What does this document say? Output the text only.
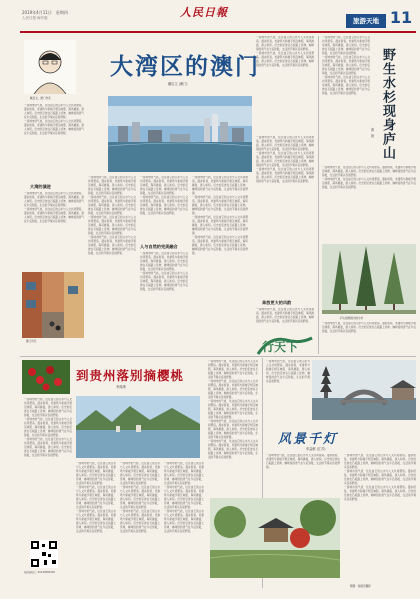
2019年4月11日　星期四
人民日报·海外版	人民日報
旅游天地 11
戴启文，澳门作家
大湾区的澳门
戴启文 (澳门)

一座城市的气质，往往由它的山水与人文共同塑造。漫步街巷，老建筑与新楼宇相互映照，海风拂面，游人如织。历史的足迹在石板路上延伸，咖啡馆的香气在午后弥散，生活的节奏从容而舒展。

一座城市的气质，往往由它的山水与人文共同塑造。漫步街巷，老建筑与新楼宇相互映照，海风拂面，游人如织。历史的足迹在石板路上延伸，咖啡馆的香气在午后弥散，生活的节奏从容而舒展。

大湾的演进

一座城市的气质，往往由它的山水与人文共同塑造。漫步街巷，老建筑与新楼宇相互映照，海风拂面，游人如织。历史的足迹在石板路上延伸，咖啡馆的香气在午后弥散，生活的节奏从容而舒展。

一座城市的气质，往往由它的山水与人文共同塑造。漫步街巷，老建筑与新楼宇相互映照，海风拂面，游人如织。历史的足迹在石板路上延伸，咖啡馆的香气在午后弥散，生活的节奏从容而舒展。

澳门风光

一座城市的气质，往往由它的山水与人文共同塑造。漫步街巷，老建筑与新楼宇相互映照，海风拂面，游人如织。历史的足迹在石板路上延伸，咖啡馆的香气在午后弥散，生活的节奏从容而舒展。

一座城市的气质，往往由它的山水与人文共同塑造。漫步街巷，老建筑与新楼宇相互映照，海风拂面，游人如织。历史的足迹在石板路上延伸，咖啡馆的香气在午后弥散，生活的节奏从容而舒展。

一座城市的气质，往往由它的山水与人文共同塑造。漫步街巷，老建筑与新楼宇相互映照，海风拂面，游人如织。历史的足迹在石板路上延伸，咖啡馆的香气在午后弥散，生活的节奏从容而舒展。

一座城市的气质，往往由它的山水与人文共同塑造。漫步街巷，老建筑与新楼宇相互映照，海风拂面，游人如织。历史的足迹在石板路上延伸，咖啡馆的香气在午后弥散，生活的节奏从容而舒展。

一座城市的气质，往往由它的山水与人文共同塑造。漫步街巷，老建筑与新楼宇相互映照，海风拂面，游人如织。历史的足迹在石板路上延伸，咖啡馆的香气在午后弥散，生活的节奏从容而舒展。

一座城市的气质，往往由它的山水与人文共同塑造。漫步街巷，老建筑与新楼宇相互映照，海风拂面，游人如织。历史的足迹在石板路上延伸，咖啡馆的香气在午后弥散，生活的节奏从容而舒展。

人与自然的完美融合

一座城市的气质，往往由它的山水与人文共同塑造。漫步街巷，老建筑与新楼宇相互映照，海风拂面，游人如织。历史的足迹在石板路上延伸，咖啡馆的香气在午后弥散，生活的节奏从容而舒展。

一座城市的气质，往往由它的山水与人文共同塑造。漫步街巷，老建筑与新楼宇相互映照，海风拂面，游人如织。历史的足迹在石板路上延伸，咖啡馆的香气在午后弥散，生活的节奏从容而舒展。

一座城市的气质，往往由它的山水与人文共同塑造。漫步街巷，老建筑与新楼宇相互映照，海风拂面，游人如织。历史的足迹在石板路上延伸，咖啡馆的香气在午后弥散，生活的节奏从容而舒展。

一座城市的气质，往往由它的山水与人文共同塑造。漫步街巷，老建筑与新楼宇相互映照，海风拂面，游人如织。历史的足迹在石板路上延伸，咖啡馆的香气在午后弥散，生活的节奏从容而舒展。

一座城市的气质，往往由它的山水与人文共同塑造。漫步街巷，老建筑与新楼宇相互映照，海风拂面，游人如织。历史的足迹在石板路上延伸，咖啡馆的香气在午后弥散，生活的节奏从容而舒展。

一座城市的气质，往往由它的山水与人文共同塑造。漫步街巷，老建筑与新楼宇相互映照，海风拂面，游人如织。历史的足迹在石板路上延伸，咖啡馆的香气在午后弥散，生活的节奏从容而舒展。

一座城市的气质，往往由它的山水与人文共同塑造。漫步街巷，老建筑与新楼宇相互映照，海风拂面，游人如织。历史的足迹在石板路上延伸，咖啡馆的香气在午后弥散，生活的节奏从容而舒展。

一座城市的气质，往往由它的山水与人文共同塑造。漫步街巷，老建筑与新楼宇相互映照，海风拂面，游人如织。历史的足迹在石板路上延伸，咖啡馆的香气在午后弥散，生活的节奏从容而舒展。

一座城市的气质，往往由它的山水与人文共同塑造。漫步街巷，老建筑与新楼宇相互映照，海风拂面，游人如织。历史的足迹在石板路上延伸，咖啡馆的香气在午后弥散，生活的节奏从容而舒展。

一座城市的气质，往往由它的山水与人文共同塑造。漫步街巷，老建筑与新楼宇相互映照，海风拂面，游人如织。历史的足迹在石板路上延伸，咖啡馆的香气在午后弥散，生活的节奏从容而舒展。

一座城市的气质，往往由它的山水与人文共同塑造。漫步街巷，老建筑与新楼宇相互映照，海风拂面，游人如织。历史的足迹在石板路上延伸，咖啡馆的香气在午后弥散，生活的节奏从容而舒展。

奔放更大的风韵

一座城市的气质，往往由它的山水与人文共同塑造。漫步街巷，老建筑与新楼宇相互映照，海风拂面，游人如织。历史的足迹在石板路上延伸，咖啡馆的香气在午后弥散，生活的节奏从容而舒展。

行天下

一座城市的气质，往往由它的山水与人文共同塑造。漫步街巷，老建筑与新楼宇相互映照，海风拂面，游人如织。历史的足迹在石板路上延伸，咖啡馆的香气在午后弥散，生活的节奏从容而舒展。

一座城市的气质，往往由它的山水与人文共同塑造。漫步街巷，老建筑与新楼宇相互映照，海风拂面，游人如织。历史的足迹在石板路上延伸，咖啡馆的香气在午后弥散，生活的节奏从容而舒展。

一座城市的气质，往往由它的山水与人文共同塑造。漫步街巷，老建筑与新楼宇相互映照，海风拂面，游人如织。历史的足迹在石板路上延伸，咖啡馆的香气在午后弥散，生活的节奏从容而舒展。	野生水杉现身庐山
薄　琼

一座城市的气质，往往由它的山水与人文共同塑造。漫步街巷，老建筑与新楼宇相互映照，海风拂面，游人如织。历史的足迹在石板路上延伸，咖啡馆的香气在午后弥散，生活的节奏从容而舒展。

一座城市的气质，往往由它的山水与人文共同塑造。漫步街巷，老建筑与新楼宇相互映照，海风拂面，游人如织。历史的足迹在石板路上延伸，咖啡馆的香气在午后弥散，生活的节奏从容而舒展。

庐山植物园内的水杉

一座城市的气质，往往由它的山水与人文共同塑造。漫步街巷，老建筑与新楼宇相互映照，海风拂面，游人如织。历史的足迹在石板路上延伸，咖啡馆的香气在午后弥散，生活的节奏从容而舒展。

到贵州落别摘樱桃
李鸿渊

一座城市的气质，往往由它的山水与人文共同塑造。漫步街巷，老建筑与新楼宇相互映照，海风拂面，游人如织。历史的足迹在石板路上延伸，咖啡馆的香气在午后弥散，生活的节奏从容而舒展。

一座城市的气质，往往由它的山水与人文共同塑造。漫步街巷，老建筑与新楼宇相互映照，海风拂面，游人如织。历史的足迹在石板路上延伸，咖啡馆的香气在午后弥散，生活的节奏从容而舒展。

一座城市的气质，往往由它的山水与人文共同塑造。漫步街巷，老建筑与新楼宇相互映照，海风拂面，游人如织。历史的足迹在石板路上延伸，咖啡馆的香气在午后弥散，生活的节奏从容而舒展。

一座城市的气质，往往由它的山水与人文共同塑造。漫步街巷，老建筑与新楼宇相互映照，海风拂面，游人如织。历史的足迹在石板路上延伸，咖啡馆的香气在午后弥散，生活的节奏从容而舒展。

一座城市的气质，往往由它的山水与人文共同塑造。漫步街巷，老建筑与新楼宇相互映照，海风拂面，游人如织。历史的足迹在石板路上延伸，咖啡馆的香气在午后弥散，生活的节奏从容而舒展。

一座城市的气质，往往由它的山水与人文共同塑造。漫步街巷，老建筑与新楼宇相互映照，海风拂面，游人如织。历史的足迹在石板路上延伸，咖啡馆的香气在午后弥散，生活的节奏从容而舒展。

一座城市的气质，往往由它的山水与人文共同塑造。漫步街巷，老建筑与新楼宇相互映照，海风拂面，游人如织。历史的足迹在石板路上延伸，咖啡馆的香气在午后弥散，生活的节奏从容而舒展。

一座城市的气质，往往由它的山水与人文共同塑造。漫步街巷，老建筑与新楼宇相互映照，海风拂面，游人如织。历史的足迹在石板路上延伸，咖啡馆的香气在午后弥散，生活的节奏从容而舒展。

一座城市的气质，往往由它的山水与人文共同塑造。漫步街巷，老建筑与新楼宇相互映照，海风拂面，游人如织。历史的足迹在石板路上延伸，咖啡馆的香气在午后弥散，生活的节奏从容而舒展。

一座城市的气质，往往由它的山水与人文共同塑造。漫步街巷，老建筑与新楼宇相互映照，海风拂面，游人如织。历史的足迹在石板路上延伸，咖啡馆的香气在午后弥散，生活的节奏从容而舒展。

一座城市的气质，往往由它的山水与人文共同塑造。漫步街巷，老建筑与新楼宇相互映照，海风拂面，游人如织。历史的足迹在石板路上延伸，咖啡馆的香气在午后弥散，生活的节奏从容而舒展。

一座城市的气质，往往由它的山水与人文共同塑造。漫步街巷，老建筑与新楼宇相互映照，海风拂面，游人如织。历史的足迹在石板路上延伸，咖啡馆的香气在午后弥散，生活的节奏从容而舒展。

一座城市的气质，往往由它的山水与人文共同塑造。漫步街巷，老建筑与新楼宇相互映照，海风拂面，游人如织。历史的足迹在石板路上延伸，咖啡馆的香气在午后弥散，生活的节奏从容而舒展。

一座城市的气质，往往由它的山水与人文共同塑造。漫步街巷，老建筑与新楼宇相互映照，海风拂面，游人如织。历史的足迹在石板路上延伸，咖啡馆的香气在午后弥散，生活的节奏从容而舒展。

一座城市的气质，往往由它的山水与人文共同塑造。漫步街巷，老建筑与新楼宇相互映照，海风拂面，游人如织。历史的足迹在石板路上延伸，咖啡馆的香气在午后弥散，生活的节奏从容而舒展。

一座城市的气质，往往由它的山水与人文共同塑造。漫步街巷，老建筑与新楼宇相互映照，海风拂面，游人如织。历史的足迹在石板路上延伸，咖啡馆的香气在午后弥散，生活的节奏从容而舒展。

一座城市的气质，往往由它的山水与人文共同塑造。漫步街巷，老建筑与新楼宇相互映照，海风拂面，游人如织。历史的足迹在石板路上延伸，咖啡馆的香气在午后弥散，生活的节奏从容而舒展。

编辑部电话：010-65363318

一座城市的气质，往往由它的山水与人文共同塑造。漫步街巷，老建筑与新楼宇相互映照，海风拂面，游人如织。历史的足迹在石板路上延伸，咖啡馆的香气在午后弥散，生活的节奏从容而舒展。

风景千灯
申益献 (江苏)

一座城市的气质，往往由它的山水与人文共同塑造。漫步街巷，老建筑与新楼宇相互映照，海风拂面，游人如织。历史的足迹在石板路上延伸，咖啡馆的香气在午后弥散，生活的节奏从容而舒展。

一座城市的气质，往往由它的山水与人文共同塑造。漫步街巷，老建筑与新楼宇相互映照，海风拂面，游人如织。历史的足迹在石板路上延伸，咖啡馆的香气在午后弥散，生活的节奏从容而舒展。

一座城市的气质，往往由它的山水与人文共同塑造。漫步街巷，老建筑与新楼宇相互映照，海风拂面，游人如织。历史的足迹在石板路上延伸，咖啡馆的香气在午后弥散，生活的节奏从容而舒展。

一座城市的气质，往往由它的山水与人文共同塑造。漫步街巷，老建筑与新楼宇相互映照，海风拂面，游人如织。历史的足迹在石板路上延伸，咖啡馆的香气在午后弥散，生活的节奏从容而舒展。

题图：杨国宏摄影
